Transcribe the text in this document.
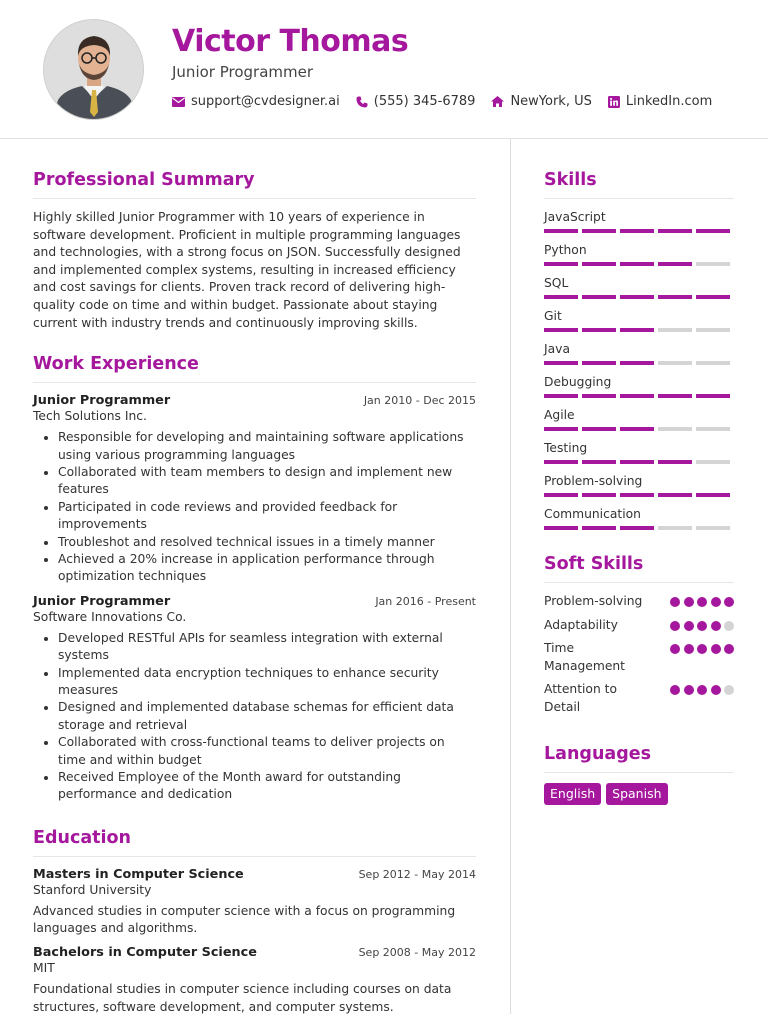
Victor Thomas
Junior Programmer
support@cvdesigner.ai	(555) 345-6789	NewYork, US	LinkedIn.com
Professional Summary

Highly skilled Junior Programmer with 10 years of experience in software development. Proficient in multiple programming languages and technologies, with a strong focus on JSON. Successfully designed and implemented complex systems, resulting in increased efficiency and cost savings for clients. Proven track record of delivering high-quality code on time and within budget. Passionate about staying current with industry trends and continuously improving skills.

Work Experience
Junior Programmer	Jan 2010 - Dec 2015
Tech Solutions Inc.
Responsible for developing and maintaining software applications using various programming languages
Collaborated with team members to design and implement new features
Participated in code reviews and provided feedback for improvements
Troubleshot and resolved technical issues in a timely manner
Achieved a 20% increase in application performance through optimization techniques
Junior Programmer	Jan 2016 - Present
Software Innovations Co.
Developed RESTful APIs for seamless integration with external systems
Implemented data encryption techniques to enhance security measures
Designed and implemented database schemas for efficient data storage and retrieval
Collaborated with cross-functional teams to deliver projects on time and within budget
Received Employee of the Month award for outstanding performance and dedication
Education
Masters in Computer Science	Sep 2012 - May 2014
Stanford University

Advanced studies in computer science with a focus on programming languages and algorithms.

Bachelors in Computer Science	Sep 2008 - May 2012
MIT

Foundational studies in computer science including courses on data structures, software development, and computer systems.

Skills
JavaScript
Python
SQL
Git
Java
Debugging
Agile
Testing
Problem-solving
Communication
Soft Skills
Problem-solving
Adaptability
Time Management
Attention to Detail
Languages
English	Spanish
